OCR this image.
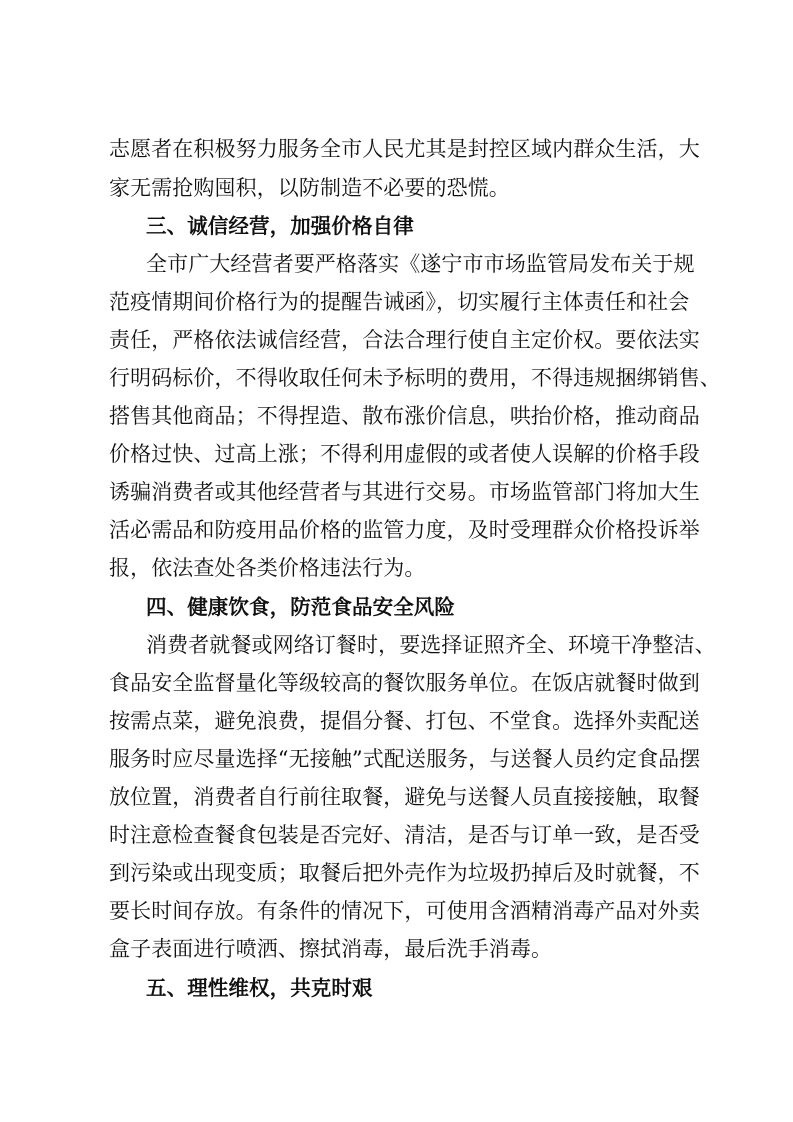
志愿者在积极努力服务全市人民尤其是封控区域内群众生活，大
家无需抢购囤积，以防制造不必要的恐慌。
三、诚信经营，加强价格自律
全市广大经营者要严格落实《遂宁市市场监管局发布关于规
范疫情期间价格行为的提醒告诫函》，切实履行主体责任和社会
责任，严格依法诚信经营，合法合理行使自主定价权。要依法实
行明码标价，不得收取任何未予标明的费用，不得违规捆绑销售、
搭售其他商品；不得捏造、散布涨价信息，哄抬价格，推动商品
价格过快、过高上涨；不得利用虚假的或者使人误解的价格手段
诱骗消费者或其他经营者与其进行交易。市场监管部门将加大生
活必需品和防疫用品价格的监管力度，及时受理群众价格投诉举
报，依法查处各类价格违法行为。
四、健康饮食，防范食品安全风险
消费者就餐或网络订餐时，要选择证照齐全、环境干净整洁、
食品安全监督量化等级较高的餐饮服务单位。在饭店就餐时做到
按需点菜，避免浪费，提倡分餐、打包、不堂食。选择外卖配送
服务时应尽量选择“无接触”式配送服务，与送餐人员约定食品摆
放位置，消费者自行前往取餐，避免与送餐人员直接接触，取餐
时注意检查餐食包装是否完好、清洁，是否与订单一致，是否受
到污染或出现变质；取餐后把外壳作为垃圾扔掉后及时就餐，不
要长时间存放。有条件的情况下，可使用含酒精消毒产品对外卖
盒子表面进行喷洒、擦拭消毒，最后洗手消毒。
五、理性维权，共克时艰
